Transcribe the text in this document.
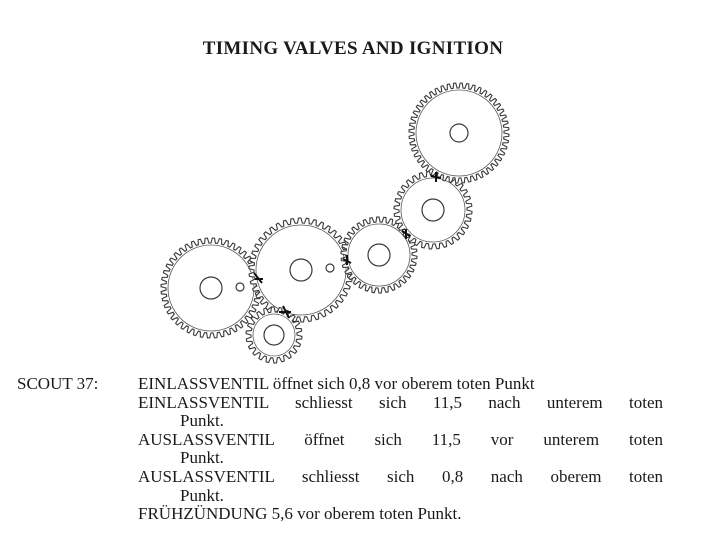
TIMING VALVES AND IGNITION
SCOUT 37: EINLASSVENTIL öffnet sich 0,8 vor oberem toten Punkt
EINLASSVENTIL schliesst sich 11,5 nach unterem toten
Punkt.
AUSLASSVENTIL öffnet sich 11,5 vor unterem toten
Punkt.
AUSLASSVENTIL schliesst sich 0,8 nach oberem toten
Punkt.
FRÜHZÜNDUNG 5,6 vor oberem toten Punkt.
